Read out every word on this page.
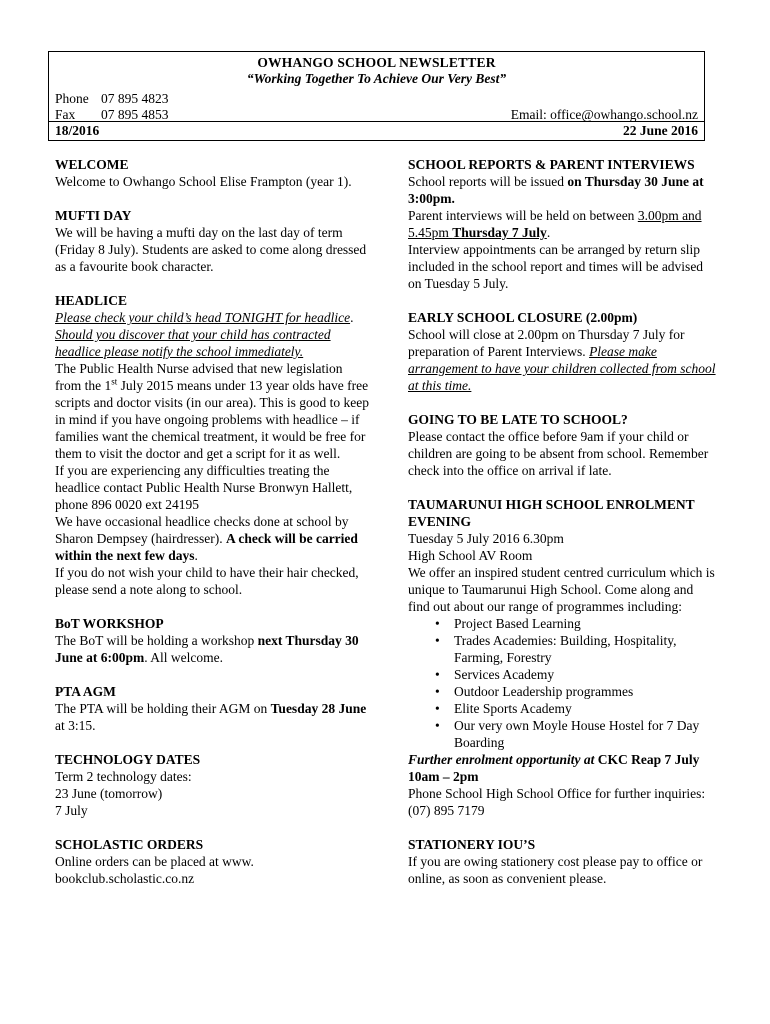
OWHANGO SCHOOL NEWSLETTER
“Working Together To Achieve Our Very Best”
Phone 07 895 4823
Fax 07 895 4853	Email: office@owhango.school.nz
18/2016	22 June 2016
WELCOME
Welcome to Owhango School Elise Frampton (year 1).
MUFTI DAY
We will be having a mufti day on the last day of term (Friday 8 July). Students are asked to come along dressed as a favourite book character.
HEADLICE
Please check your child’s head TONIGHT for headlice.
Should you discover that your child has contracted headlice please notify the school immediately.
The Public Health Nurse advised that new legislation from the 1st July 2015 means under 13 year olds have free scripts and doctor visits (in our area). This is good to keep in mind if you have ongoing problems with headlice – if families want the chemical treatment, it would be free for them to visit the doctor and get a script for it as well.
If you are experiencing any difficulties treating the headlice contact Public Health Nurse Bronwyn Hallett, phone 896 0020 ext 24195
We have occasional headlice checks done at school by Sharon Dempsey (hairdresser). A check will be carried within the next few days.
If you do not wish your child to have their hair checked, please send a note along to school.
BoT WORKSHOP
The BoT will be holding a workshop next Thursday 30 June at 6:00pm. All welcome.
PTA AGM
The PTA will be holding their AGM on Tuesday 28 June at 3:15.
TECHNOLOGY DATES
Term 2 technology dates:
23 June (tomorrow)
7 July
SCHOLASTIC ORDERS
Online orders can be placed at www. bookclub.scholastic.co.nz
SCHOOL REPORTS & PARENT INTERVIEWS
School reports will be issued on Thursday 30 June at 3:00pm.
Parent interviews will be held on between 3.00pm and 5.45pm Thursday 7 July.
Interview appointments can be arranged by return slip included in the school report and times will be advised on Tuesday 5 July.
EARLY SCHOOL CLOSURE (2.00pm)
School will close at 2.00pm on Thursday 7 July for preparation of Parent Interviews. Please make arrangement to have your children collected from school at this time.
GOING TO BE LATE TO SCHOOL?
Please contact the office before 9am if your child or children are going to be absent from school. Remember check into the office on arrival if late.
TAUMARUNUI HIGH SCHOOL ENROLMENT EVENING
Tuesday 5 July 2016 6.30pm
High School AV Room
We offer an inspired student centred curriculum which is unique to Taumarunui High School. Come along and find out about our range of programmes including:
• Project Based Learning
• Trades Academies: Building, Hospitality, Farming, Forestry
• Services Academy
• Outdoor Leadership programmes
• Elite Sports Academy
• Our very own Moyle House Hostel for 7 Day Boarding
Further enrolment opportunity at CKC Reap 7 July 10am – 2pm
Phone School High School Office for further inquiries: (07) 895 7179
STATIONERY IOU’S
If you are owing stationery cost please pay to office or online, as soon as convenient please.
